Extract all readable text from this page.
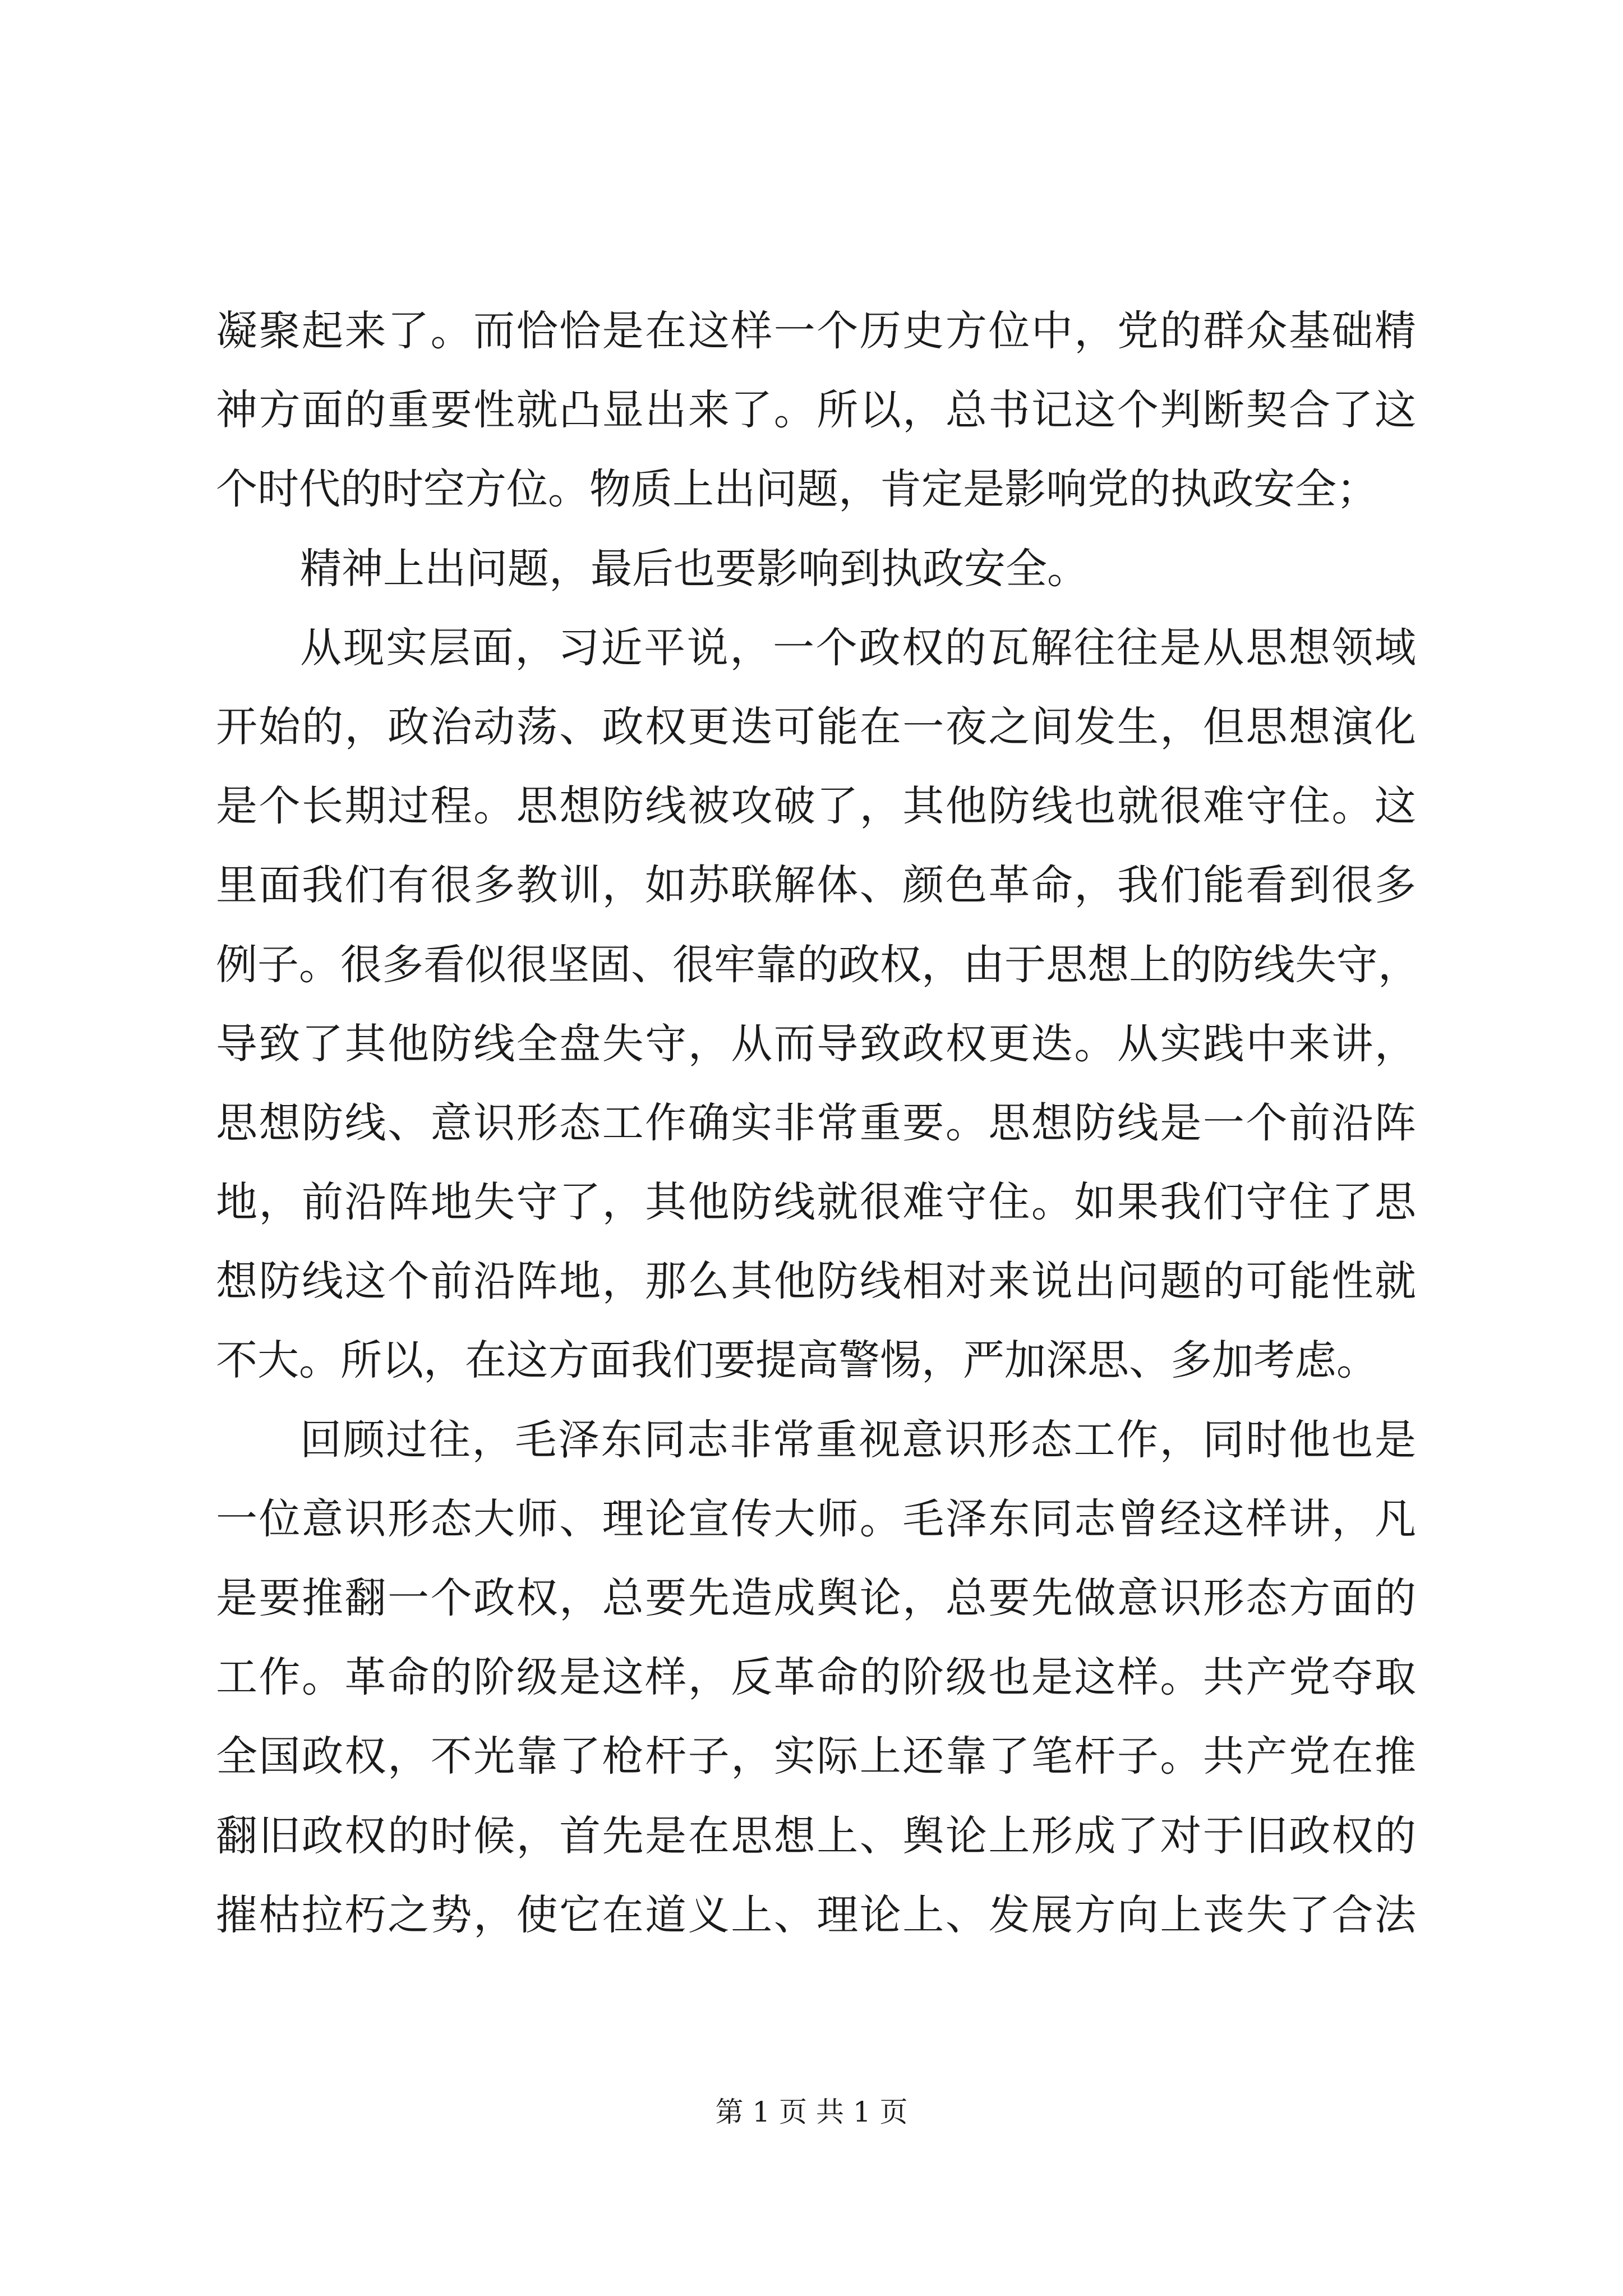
凝聚起来了。而恰恰是在这样一个历史方位中，党的群众基础精
神方面的重要性就凸显出来了。所以，总书记这个判断契合了这
个时代的时空方位。物质上出问题，肯定是影响党的执政安全；
精神上出问题，最后也要影响到执政安全。
从现实层面，习近平说，一个政权的瓦解往往是从思想领域
开始的，政治动荡、政权更迭可能在一夜之间发生，但思想演化
是个长期过程。思想防线被攻破了，其他防线也就很难守住。这
里面我们有很多教训，如苏联解体、颜色革命，我们能看到很多
例子。很多看似很坚固、很牢靠的政权，由于思想上的防线失守，
导致了其他防线全盘失守，从而导致政权更迭。从实践中来讲，
思想防线、意识形态工作确实非常重要。思想防线是一个前沿阵
地，前沿阵地失守了，其他防线就很难守住。如果我们守住了思
想防线这个前沿阵地，那么其他防线相对来说出问题的可能性就
不大。所以，在这方面我们要提高警惕，严加深思、多加考虑。
回顾过往，毛泽东同志非常重视意识形态工作，同时他也是
一位意识形态大师、理论宣传大师。毛泽东同志曾经这样讲，凡
是要推翻一个政权，总要先造成舆论，总要先做意识形态方面的
工作。革命的阶级是这样，反革命的阶级也是这样。共产党夺取
全国政权，不光靠了枪杆子，实际上还靠了笔杆子。共产党在推
翻旧政权的时候，首先是在思想上、舆论上形成了对于旧政权的
摧枯拉朽之势，使它在道义上、理论上、发展方向上丧失了合法
第 1 页 共 1 页
